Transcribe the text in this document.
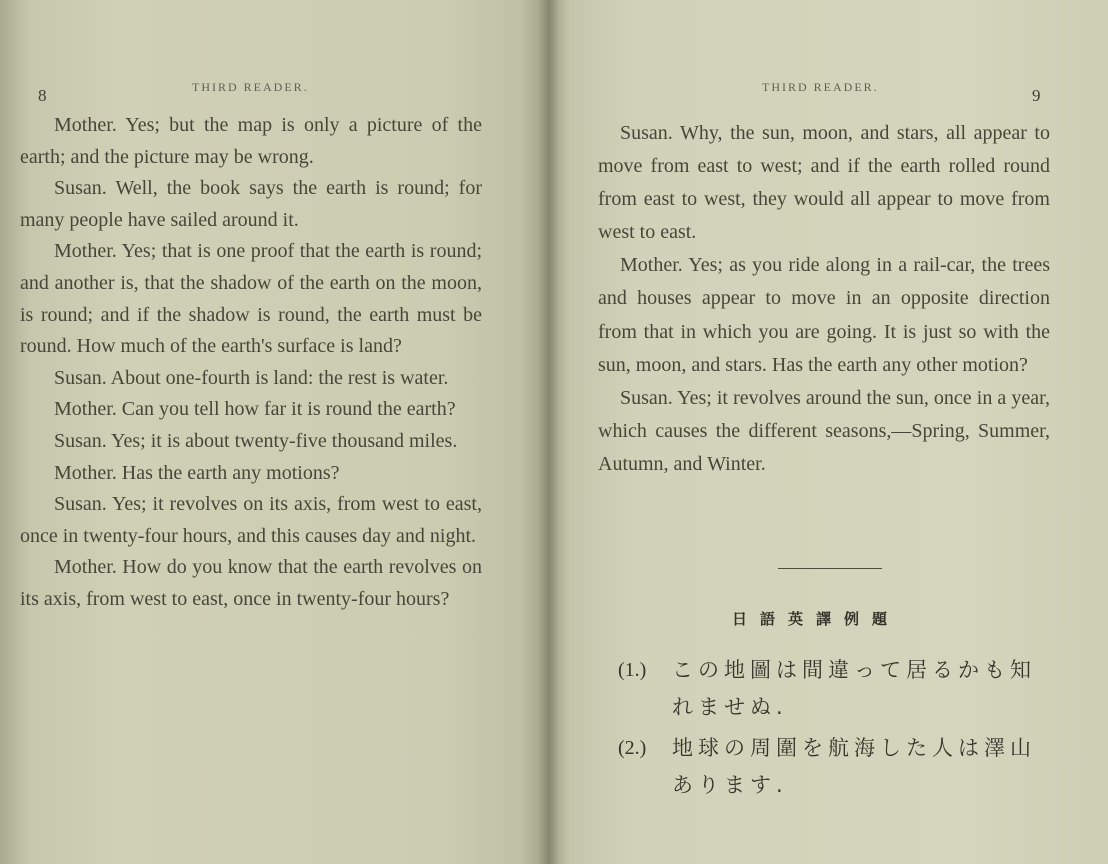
8	THIRD READER.	THIRD READER.	9

Mother. Yes; but the map is only a picture of the earth; and the picture may be wrong.

Susan. Well, the book says the earth is round; for many people have sailed around it.

Mother. Yes; that is one proof that the earth is round; and another is, that the shadow of the earth on the moon, is round; and if the shadow is round, the earth must be round. How much of the earth's surface is land?

Susan. About one-fourth is land: the rest is water.

Mother. Can you tell how far it is round the earth?

Susan. Yes; it is about twenty-five thousand miles.

Mother. Has the earth any motions?

Susan. Yes; it revolves on its axis, from west to east, once in twenty-four hours, and this causes day and night.

Mother. How do you know that the earth revolves on its axis, from west to east, once in twenty-four hours?

Susan. Why, the sun, moon, and stars, all appear to move from east to west; and if the earth rolled round from east to west, they would all appear to move from west to east.

Mother. Yes; as you ride along in a rail-car, the trees and houses appear to move in an opposite direction from that in which you are going. It is just so with the sun, moon, and stars. Has the earth any other motion?

Susan. Yes; it revolves around the sun, once in a year, which causes the different seasons,—Spring, Summer, Autumn, and Winter.

日語英譯例題
(1.)	この地圖は間違って居るかも知れませぬ.
(2.)	地球の周圍を航海した人は澤山あります.
